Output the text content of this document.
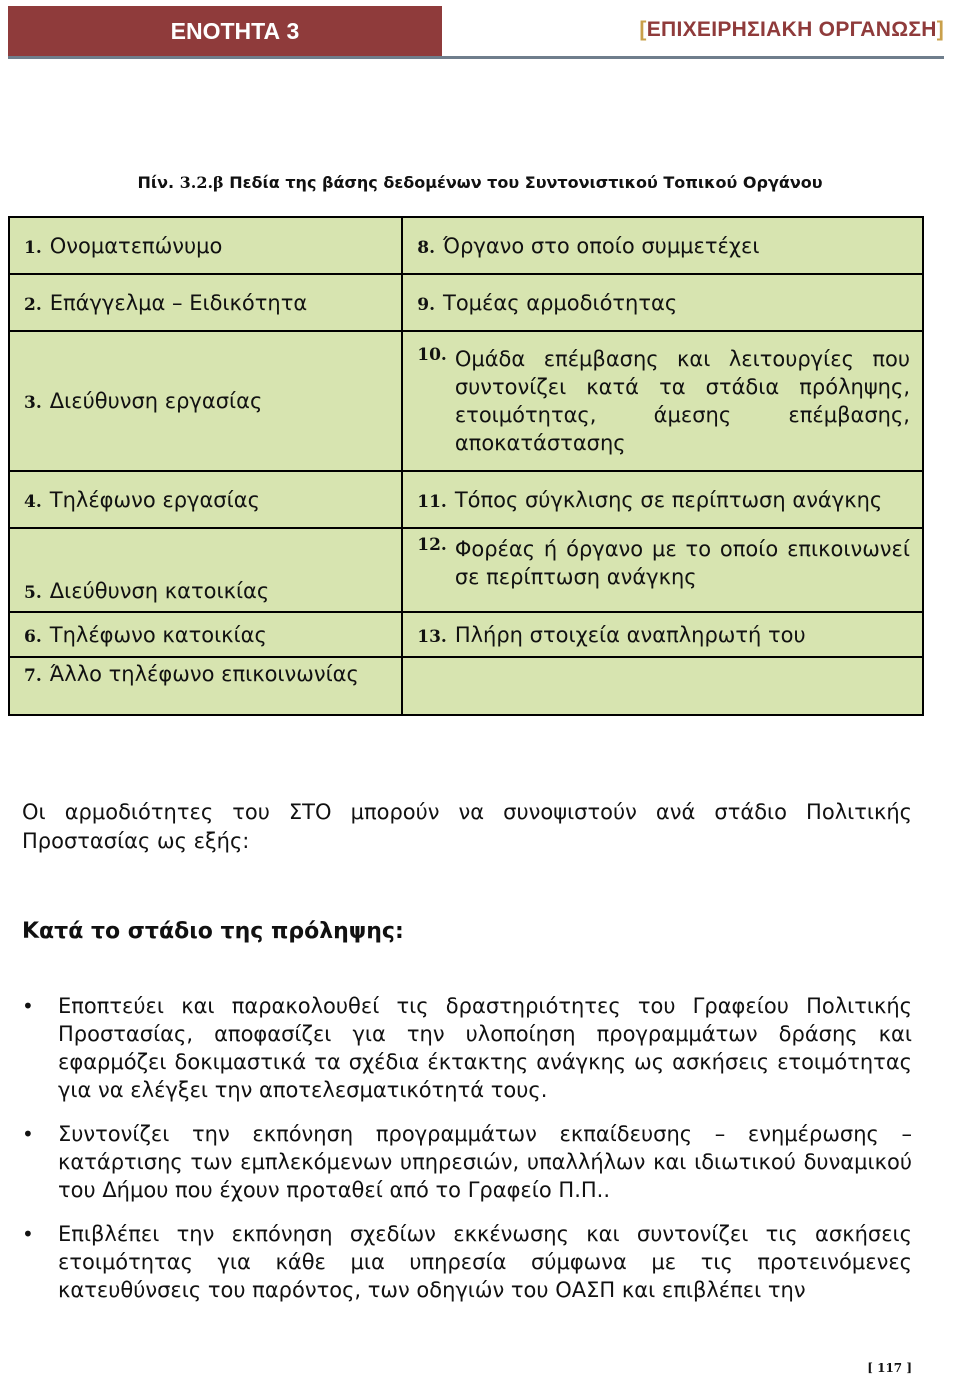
ΕΝΟΤΗΤΑ 3	[ΕΠΙΧΕΙΡΗΣΙΑΚΗ ΟΡΓΑΝΩΣΗ]
Πίν. 3.2.β Πεδία της βάσης δεδομένων του Συντονιστικού Τοπικού Οργάνου
1. Ονοματεπώνυμο	8. Όργανο στο οποίο συμμετέχει
2. Επάγγελμα – Ειδικότητα	9. Τομέας αρμοδιότητας
3. Διεύθυνση εργασίας	10. Ομάδα επέμβασης και λειτουργίες που συντονίζει κατά τα στάδια πρόληψης, ετοιμότητας, άμεσης επέμβασης, αποκατάστασης

4. Τηλέφωνο εργασίας	11. Τόπος σύγκλισης σε περίπτωση ανάγκης
5. Διεύθυνση κατοικίας	12. Φορέας ή όργανο με το οποίο επικοινωνεί σε περίπτωση ανάγκης

6. Τηλέφωνο κατοικίας	13. Πλήρη στοιχεία αναπληρωτή του
7. Άλλο τηλέφωνο επικοινωνίας	
Οι αρμοδιότητες του ΣΤΟ μπορούν να συνοψιστούν ανά στάδιο Πολιτικής Προστασίας ως εξής:
Κατά το στάδιο της πρόληψης:
•	Εποπτεύει και παρακολουθεί τις δραστηριότητες του Γραφείου Πολιτικής Προστασίας, αποφασίζει για την υλοποίηση προγραμμάτων δράσης και εφαρμόζει δοκιμαστικά τα σχέδια έκτακτης ανάγκης ως ασκήσεις ετοιμότητας για να ελέγξει την αποτελεσματικότητά τους.
•	Συντονίζει την εκπόνηση προγραμμάτων εκπαίδευσης – ενημέρωσης – κατάρτισης των εμπλεκόμενων υπηρεσιών, υπαλλήλων και ιδιωτικού δυναμικού του Δήμου που έχουν προταθεί από το Γραφείο Π.Π..
•	Επιβλέπει την εκπόνηση σχεδίων εκκένωσης και συντονίζει τις ασκήσεις ετοιμότητας για κάθε μια υπηρεσία σύμφωνα με τις προτεινόμενες κατευθύνσεις του παρόντος, των οδηγιών του ΟΑΣΠ και επιβλέπει την
[ 117 ]
